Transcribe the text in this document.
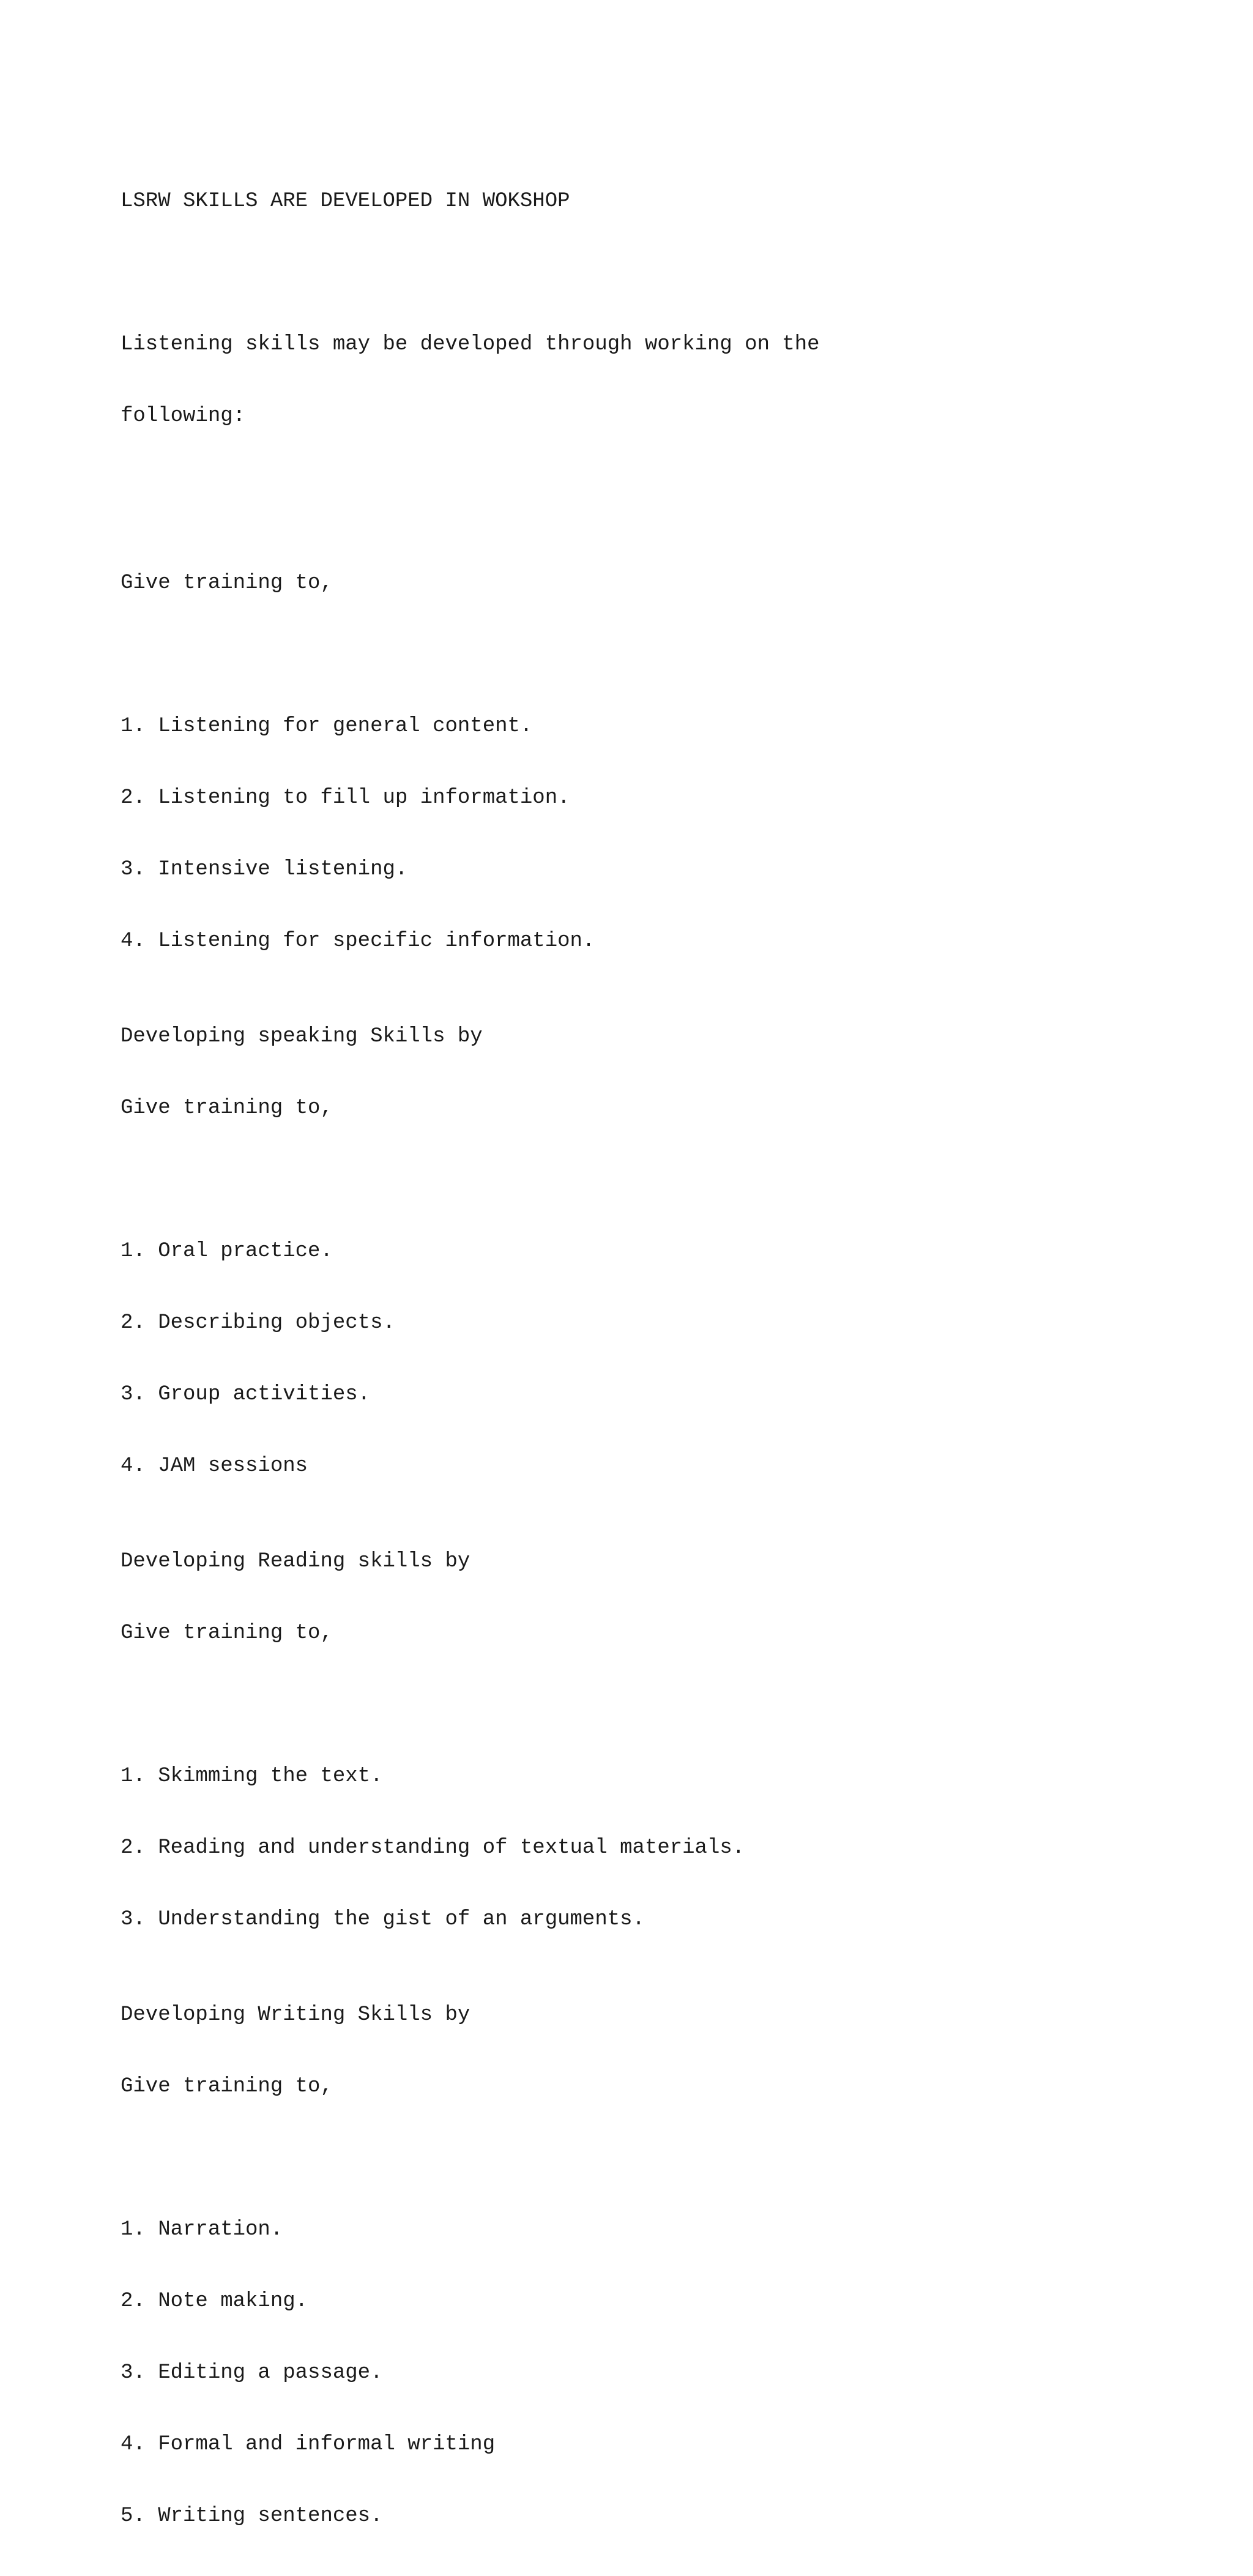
LSRW SKILLS ARE DEVELOPED IN WOKSHOP

Listening skills may be developed through working on the

following:

Give training to,

1. Listening for general content.

2. Listening to fill up information.

3. Intensive listening.

4. Listening for specific information.

Developing speaking Skills by

Give training to,

1. Oral practice.

2. Describing objects.

3. Group activities.

4. JAM sessions

Developing Reading skills by

Give training to,

1. Skimming the text.

2. Reading and understanding of textual materials.

3. Understanding the gist of an arguments.

Developing Writing Skills by

Give training to,

1. Narration.

2. Note making.

3. Editing a passage.

4. Formal and informal writing

5. Writing sentences.
